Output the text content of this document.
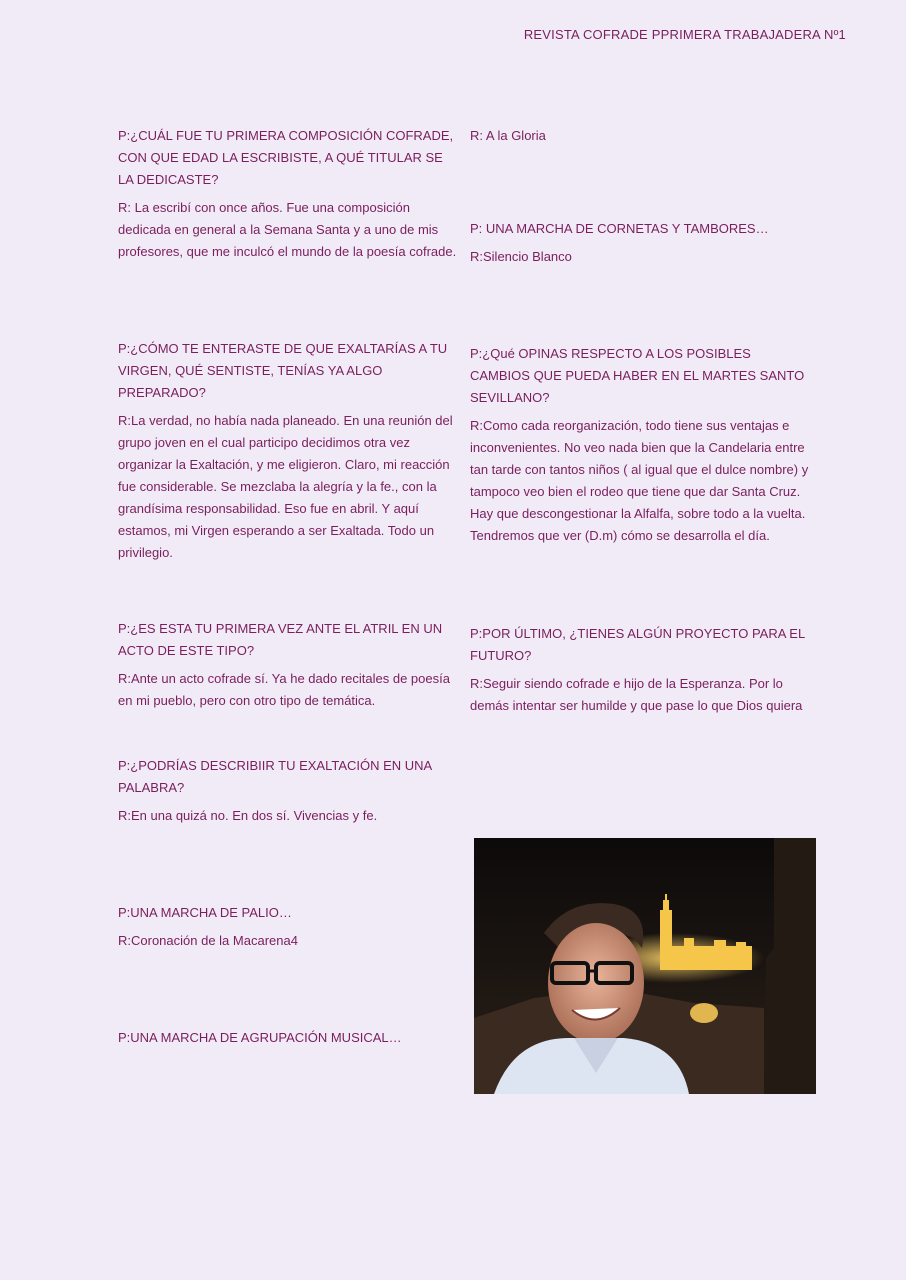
REVISTA COFRADE PPRIMERA TRABAJADERA Nº1

P:¿CUÁL FUE TU PRIMERA COMPOSICIÓN COFRADE, CON QUE EDAD LA ESCRIBISTE, A QUÉ TITULAR SE LA DEDICASTE?

R: La escribí con once años. Fue una composición dedicada en general a la Semana Santa y a uno de mis profesores, que me inculcó el mundo de la poesía cofrade.

P:¿CÓMO TE ENTERASTE DE QUE EXALTARÍAS A TU VIRGEN, QUÉ SENTISTE, TENÍAS YA ALGO PREPARADO?

R:La verdad, no había nada planeado. En una reunión del grupo joven en el cual participo decidimos otra vez organizar la Exaltación, y me eligieron. Claro, mi reacción fue considerable. Se mezclaba la alegría y la fe., con la grandísima responsabilidad. Eso fue en abril. Y aquí estamos, mi Virgen esperando a ser Exaltada. Todo un privilegio.

P:¿ES ESTA TU PRIMERA VEZ ANTE EL ATRIL EN UN ACTO DE ESTE TIPO?

R:Ante un acto cofrade sí. Ya he dado recitales de poesía en mi pueblo, pero con otro tipo de temática.

P:¿PODRÍAS DESCRIBIIR TU EXALTACIÓN EN UNA PALABRA?

R:En una quizá no. En dos sí. Vivencias y fe.

P:UNA MARCHA DE PALIO…

R:Coronación de la Macarena4

P:UNA MARCHA DE AGRUPACIÓN MUSICAL…

R: A la Gloria

P: UNA MARCHA DE CORNETAS Y TAMBORES…

R:Silencio Blanco

P:¿Qué OPINAS RESPECTO A LOS POSIBLES CAMBIOS QUE PUEDA HABER EN EL MARTES SANTO SEVILLANO?

R:Como cada reorganización, todo tiene sus ventajas e inconvenientes. No veo nada bien que la Candelaria entre tan tarde con tantos niños ( al igual que el dulce nombre) y tampoco veo bien el rodeo que tiene que dar Santa Cruz. Hay que descongestionar la Alfalfa, sobre todo a la vuelta. Tendremos que ver (D.m) cómo se desarrolla el día.

P:POR ÚLTIMO, ¿TIENES ALGÚN PROYECTO PARA EL FUTURO?

R:Seguir siendo cofrade e hijo de la Esperanza. Por lo demás intentar ser humilde y que pase lo que Dios quiera
